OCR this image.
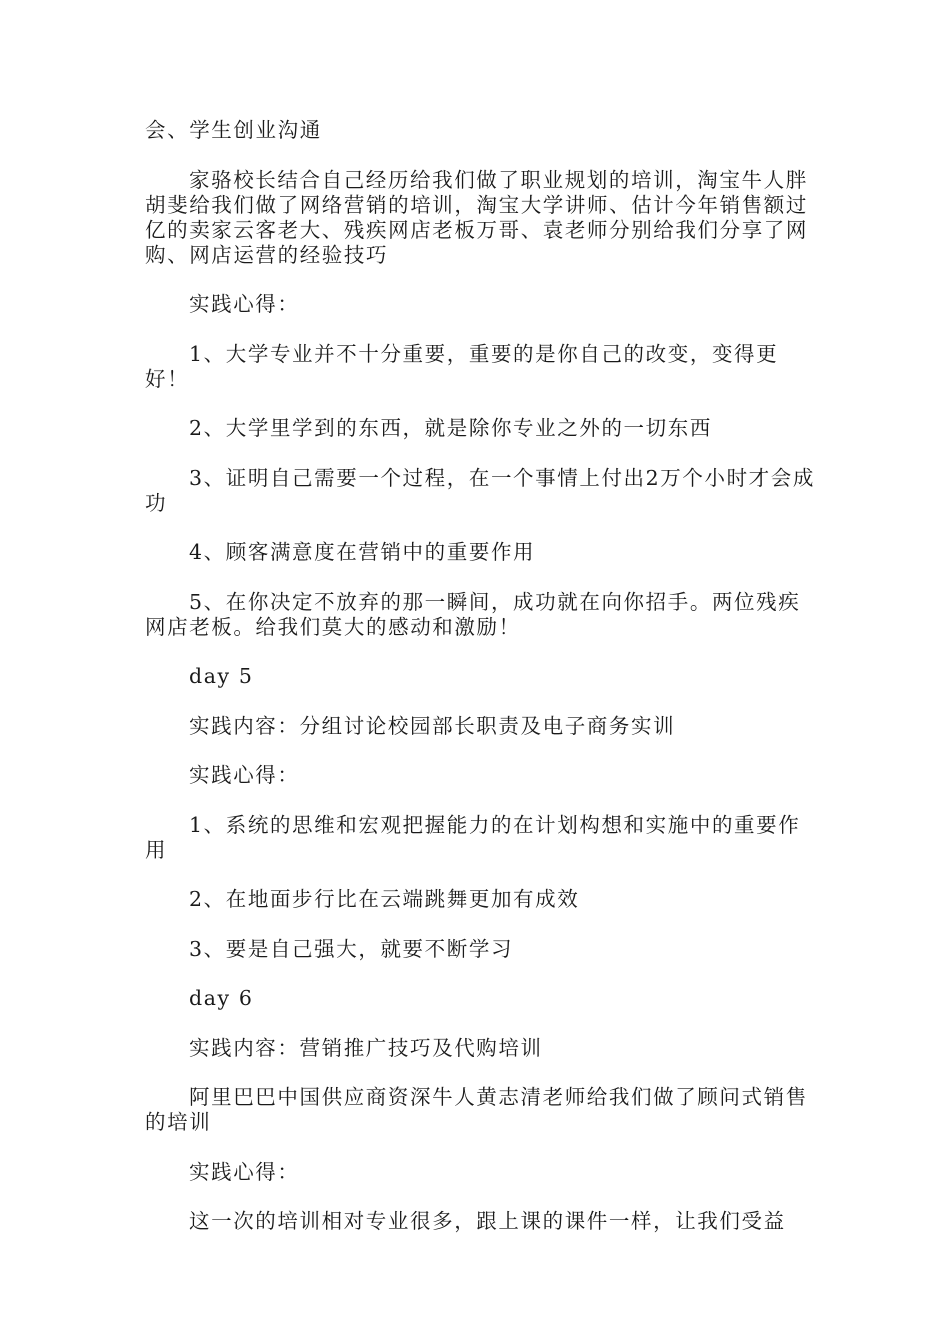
会、学生创业沟通

家骆校长结合自己经历给我们做了职业规划的培训，淘宝牛人胖胡斐给我们做了网络营销的培训，淘宝大学讲师、估计今年销售额过亿的卖家云客老大、残疾网店老板万哥、袁老师分别给我们分享了网购、网店运营的经验技巧

实践心得：

1、大学专业并不十分重要，重要的是你自己的改变，变得更好！

2、大学里学到的东西，就是除你专业之外的一切东西

3、证明自己需要一个过程，在一个事情上付出2万个小时才会成功

4、顾客满意度在营销中的重要作用

5、在你决定不放弃的那一瞬间，成功就在向你招手。两位残疾网店老板。给我们莫大的感动和激励！

day 5

实践内容：分组讨论校园部长职责及电子商务实训

实践心得：

1、系统的思维和宏观把握能力的在计划构想和实施中的重要作用

2、在地面步行比在云端跳舞更加有成效

3、要是自己强大，就要不断学习

day 6

实践内容：营销推广技巧及代购培训

阿里巴巴中国供应商资深牛人黄志清老师给我们做了顾问式销售的培训

实践心得：

这一次的培训相对专业很多，跟上课的课件一样，让我们受益
